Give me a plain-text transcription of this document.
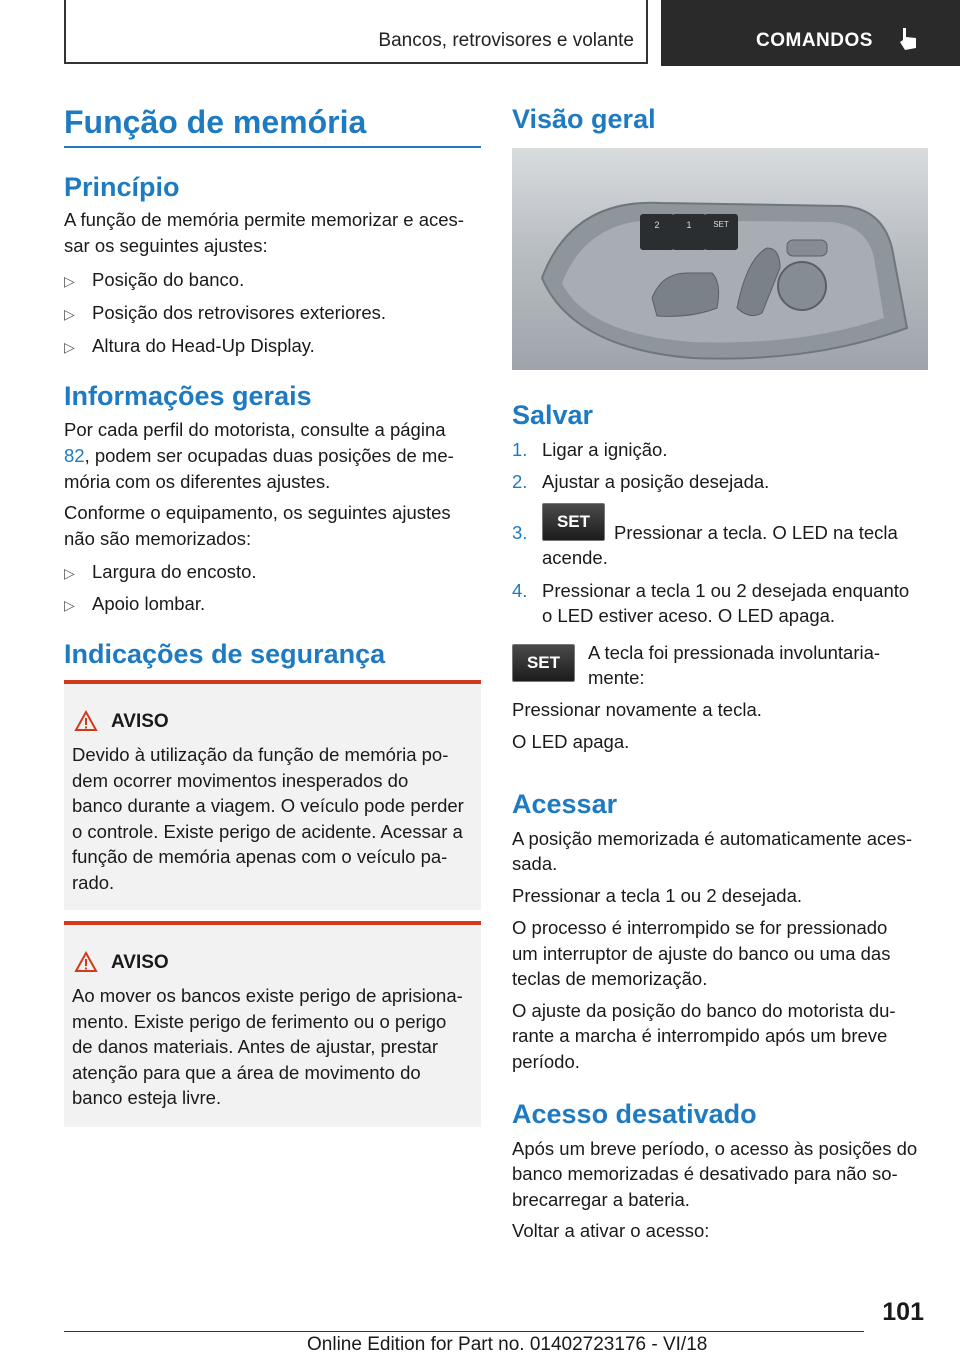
Bancos, retrovisores e volante	COMANDOS
Função de memória
Princípio
A função de memória permite memorizar e aces-
sar os seguintes ajustes:
▷ Posição do banco.
▷ Posição dos retrovisores exteriores.
▷ Altura do Head-Up Display.
Informações gerais
Por cada perfil do motorista, consulte a página
82, podem ser ocupadas duas posições de me-
mória com os diferentes ajustes.
Conforme o equipamento, os seguintes ajustes
não são memorizados:
▷ Largura do encosto.
▷ Apoio lombar.
Indicações de segurança
AVISO
Devido à utilização da função de memória po-
dem ocorrer movimentos inesperados do
banco durante a viagem. O veículo pode perder
o controle. Existe perigo de acidente. Acessar a
função de memória apenas com o veículo pa-
rado.
AVISO
Ao mover os bancos existe perigo de aprisiona-
mento. Existe perigo de ferimento ou o perigo
de danos materiais. Antes de ajustar, prestar
atenção para que a área de movimento do
banco esteja livre.
Visão geral
2	1	SET
Salvar
1. Ligar a ignição.
2. Ajustar a posição desejada.
3.
SET
Pressionar a tecla. O LED na tecla
acende.
4. Pressionar a tecla 1 ou 2 desejada enquanto
o LED estiver aceso. O LED apaga.
SET	A tecla foi pressionada involuntaria-
mente:
Pressionar novamente a tecla.
O LED apaga.
Acessar
A posição memorizada é automaticamente aces-
sada.
Pressionar a tecla 1 ou 2 desejada.
O processo é interrompido se for pressionado
um interruptor de ajuste do banco ou uma das
teclas de memorização.
O ajuste da posição do banco do motorista du-
rante a marcha é interrompido após um breve
período.
Acesso desativado
Após um breve período, o acesso às posições do
banco memorizadas é desativado para não so-
brecarregar a bateria.
Voltar a ativar o acesso:
101
Online Edition for Part no. 01402723176 - VI/18
